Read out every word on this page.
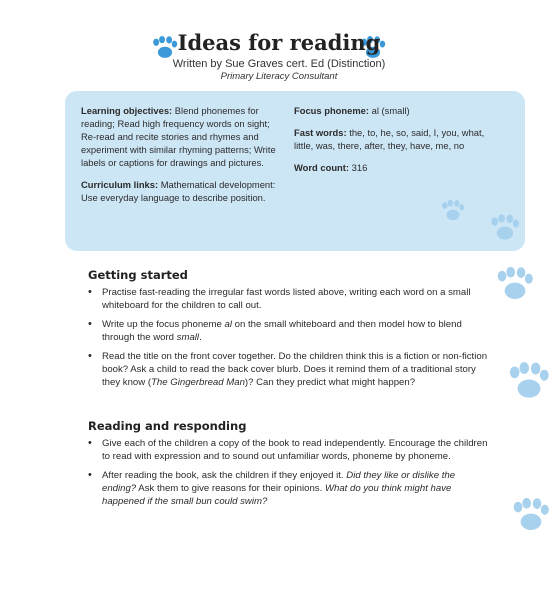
Ideas for reading
Written by Sue Graves cert. Ed (Distinction)
Primary Literacy Consultant

Learning objectives: Blend phonemes for reading; Read high frequency words on sight; Re-read and recite stories and rhymes and experiment with similar rhyming patterns; Write labels or captions for drawings and pictures.

Curriculum links: Mathematical development: Use everyday language to describe position.

Focus phoneme: al (small)

Fast words: the, to, he, so, said, I, you, what, little, was, there, after, they, have, me, no

Word count: 316

Getting started
• Practise fast-reading the irregular fast words listed above, writing each word on a small whiteboard for the children to call out.
• Write up the focus phoneme al on the small whiteboard and then model how to blend through the word small.
• Read the title on the front cover together. Do the children think this is a fiction or non-fiction book? Ask a child to read the back cover blurb. Does it remind them of a traditional story they know (The Gingerbread Man)? Can they predict what might happen?
Reading and responding
• Give each of the children a copy of the book to read independently. Encourage the children to read with expression and to sound out unfamiliar words, phoneme by phoneme.
• After reading the book, ask the children if they enjoyed it. Did they like or dislike the ending? Ask them to give reasons for their opinions. What do you think might have happened if the small bun could swim?
